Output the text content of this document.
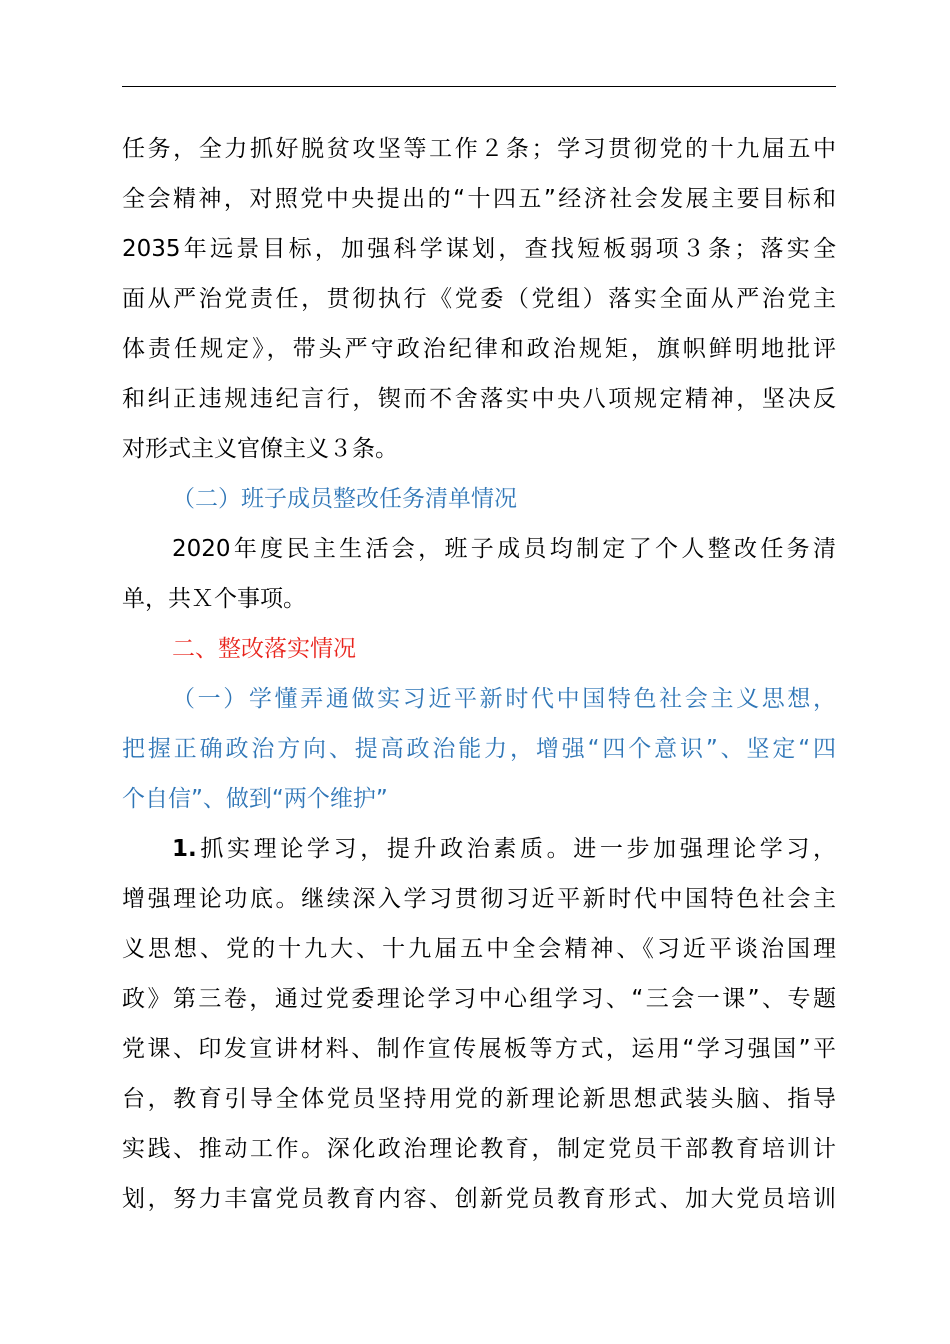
任务，全力抓好脱贫攻坚等工作２条；学习贯彻党的十九届五中
全会精神，对照党中央提出的“十四五”经济社会发展主要目标和
2035年远景目标，加强科学谋划，查找短板弱项３条；落实全
面从严治党责任，贯彻执行《党委（党组）落实全面从严治党主
体责任规定》，带头严守政治纪律和政治规矩，旗帜鲜明地批评
和纠正违规违纪言行，锲而不舍落实中央八项规定精神，坚决反
对形式主义官僚主义３条。
（二）班子成员整改任务清单情况
2020年度民主生活会，班子成员均制定了个人整改任务清
单，共Ｘ个事项。
二、整改落实情况
（一）学懂弄通做实习近平新时代中国特色社会主义思想，
把握正确政治方向、提高政治能力，增强“四个意识”、坚定“四
个自信”、做到“两个维护”
1.抓实理论学习，提升政治素质。进一步加强理论学习，
增强理论功底。继续深入学习贯彻习近平新时代中国特色社会主
义思想、党的十九大、十九届五中全会精神、《习近平谈治国理
政》第三卷，通过党委理论学习中心组学习、“三会一课”、专题
党课、印发宣讲材料、制作宣传展板等方式，运用“学习强国”平
台，教育引导全体党员坚持用党的新理论新思想武装头脑、指导
实践、推动工作。深化政治理论教育，制定党员干部教育培训计
划，努力丰富党员教育内容、创新党员教育形式、加大党员培训
